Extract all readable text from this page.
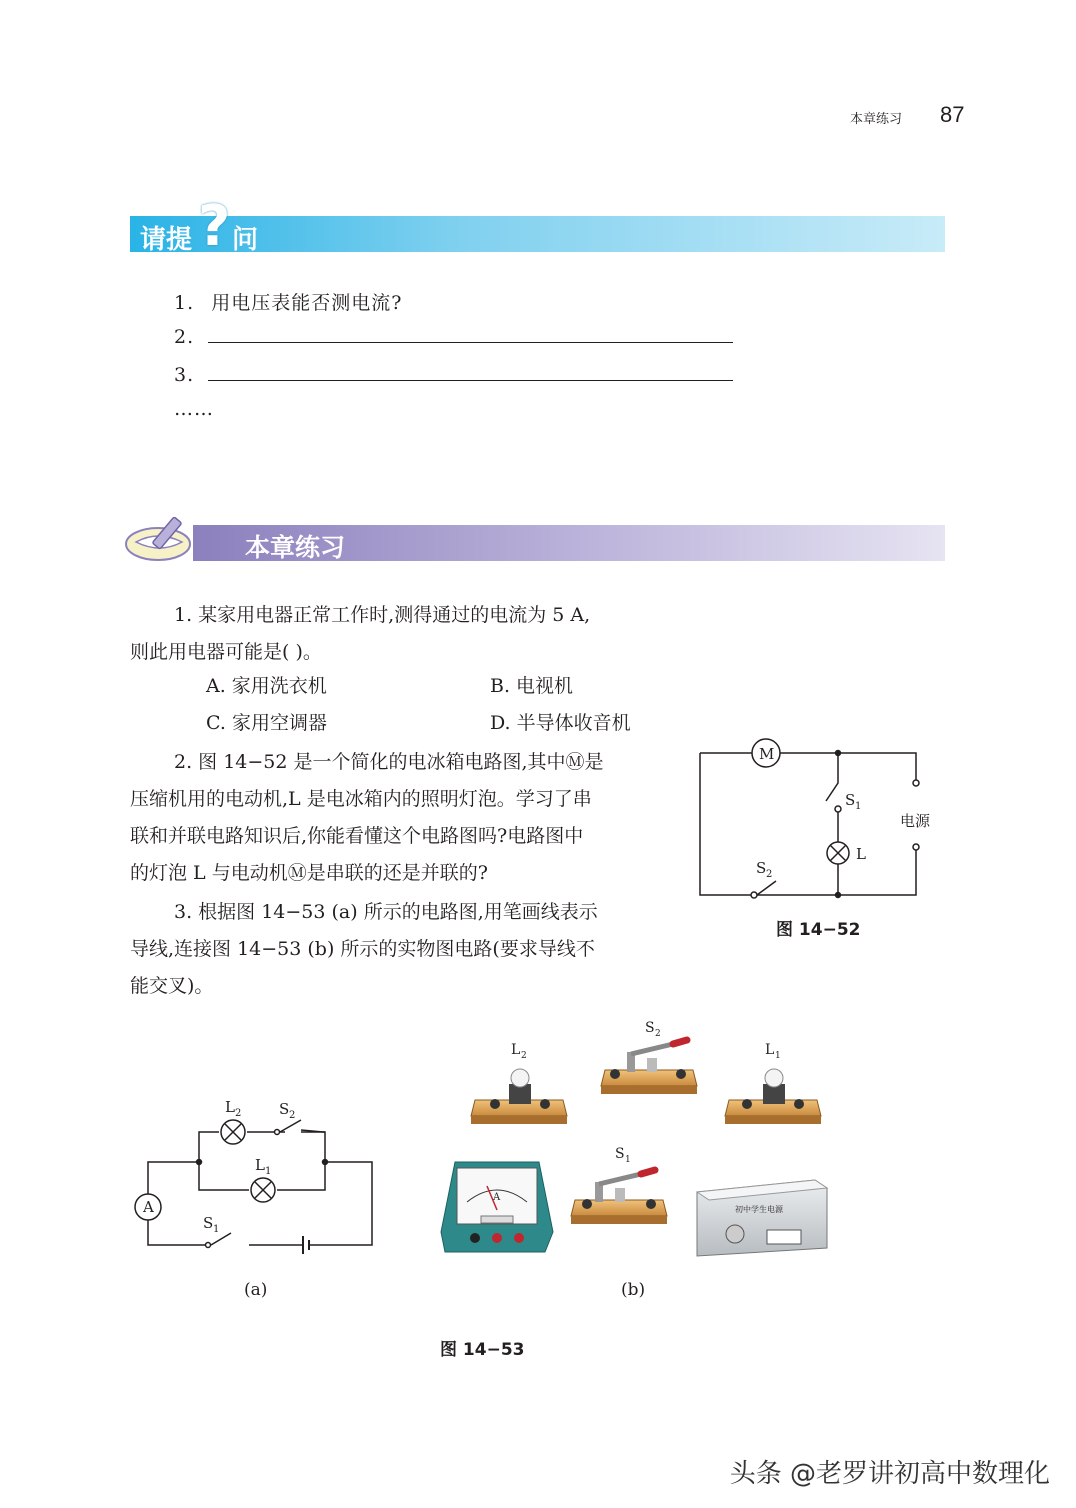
本章练习 87
请提 ? 问
1. 用电压表能否测电流?
2.
3.
……
本章练习
1. 某家用电器正常工作时,测得通过的电流为 5 A,
则此用电器可能是( )。
A. 家用洗衣机	B. 电视机
C. 家用空调器	D. 半导体收音机
2. 图 14−52 是一个简化的电冰箱电路图,其中Ⓜ是
压缩机用的电动机,L 是电冰箱内的照明灯泡。学习了串
联和并联电路知识后,你能看懂这个电路图吗?电路图中
的灯泡 L 与电动机Ⓜ是串联的还是并联的?
3. 根据图 14−53 (a) 所示的电路图,用笔画线表示
导线,连接图 14−53 (b) 所示的实物图电路(要求导线不
能交叉)。
M
S 1
L
S 2
电源
图 14−52
A
L 2	S 2
L 1
S 1
(a)
L 2
S 2
L 1
S 1
A
初中学生电源
(b)
图 14−53
头条 @老罗讲初高中数理化
